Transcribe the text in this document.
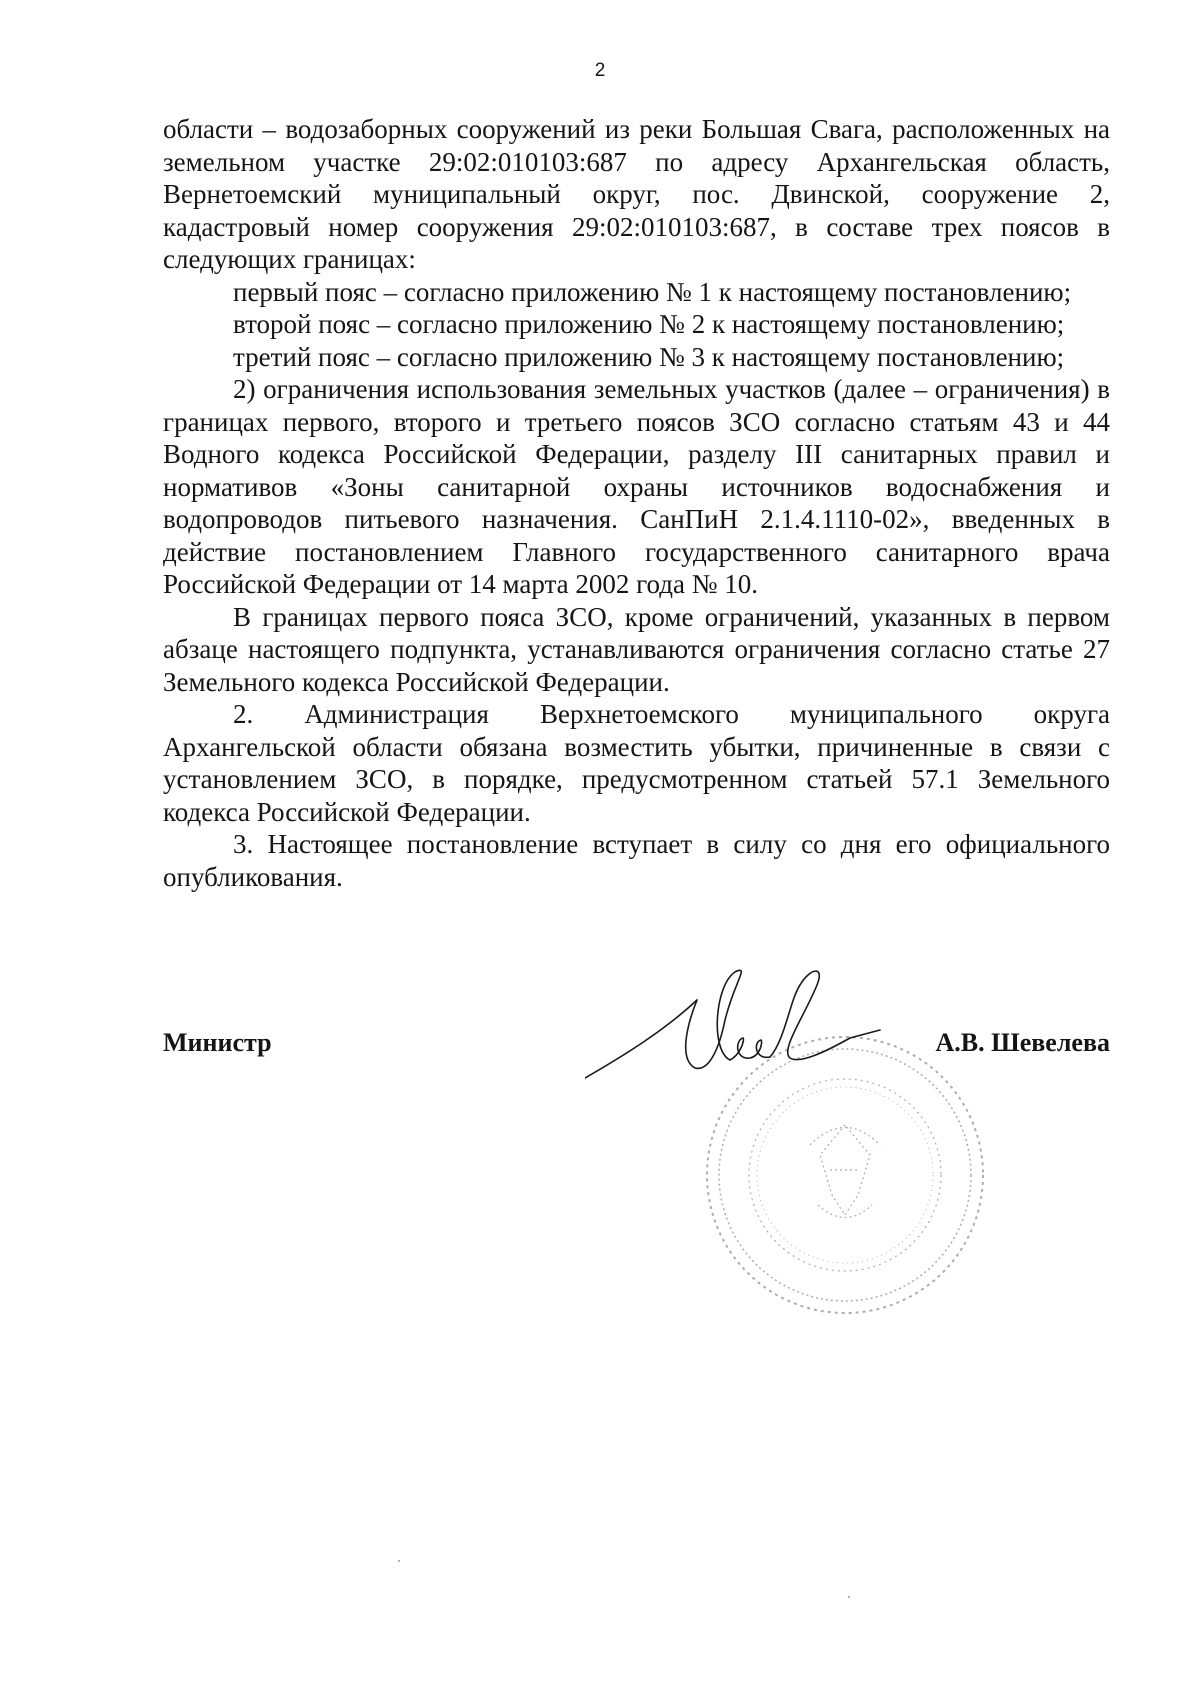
2

области – водозаборных сооружений из реки Большая Свага, расположенных на земельном участке 29:02:010103:687 по адресу Архангельская область, Вернетоемский муниципальный округ, пос. Двинской, сооружение 2, кадастровый номер сооружения 29:02:010103:687, в составе трех поясов в следующих границах:

первый пояс – согласно приложению № 1 к настоящему постановлению;

второй пояс – согласно приложению № 2 к настоящему постановлению;

третий пояс – согласно приложению № 3 к настоящему постановлению;

2) ограничения использования земельных участков (далее – ограничения) в границах первого, второго и третьего поясов ЗСО согласно статьям 43 и 44 Водного кодекса Российской Федерации, разделу III санитарных правил и нормативов «Зоны санитарной охраны источников водоснабжения и водопроводов питьевого назначения. СанПиН 2.1.4.1110-02», введенных в действие постановлением Главного государственного санитарного врача Российской Федерации от 14 марта 2002 года № 10.

В границах первого пояса ЗСО, кроме ограничений, указанных в первом абзаце настоящего подпункта, устанавливаются ограничения согласно статье 27 Земельного кодекса Российской Федерации.

2. Администрация Верхнетоемского муниципального округа Архангельской области обязана возместить убытки, причиненные в связи с установлением ЗСО, в порядке, предусмотренном статьей 57.1 Земельного кодекса Российской Федерации.

3. Настоящее постановление вступает в силу со дня его официального опубликования.

Министр	А.В. Шевелева
